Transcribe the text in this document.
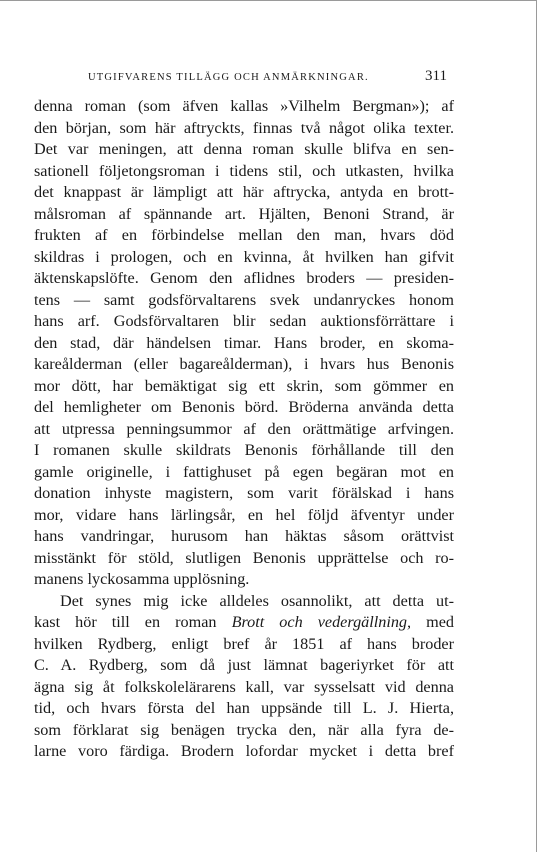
UTGIFVARENS TILLÄGG OCH ANMÄRKNINGAR.	311
denna roman (som äfven kallas »Vilhelm Bergman»); af
den början, som här aftryckts, finnas två något olika texter.
Det var meningen, att denna roman skulle blifva en sen-
sationell följetongsroman i tidens stil, och utkasten, hvilka
det knappast är lämpligt att här aftrycka, antyda en brott-
målsroman af spännande art. Hjälten, Benoni Strand, är
frukten af en förbindelse mellan den man, hvars död
skildras i prologen, och en kvinna, åt hvilken han gifvit
äktenskapslöfte. Genom den aflidnes broders — presiden-
tens — samt godsförvaltarens svek undanryckes honom
hans arf. Godsförvaltaren blir sedan auktionsförrättare i
den stad, där händelsen timar. Hans broder, en skoma-
kareålderman (eller bagareålderman), i hvars hus Benonis
mor dött, har bemäktigat sig ett skrin, som gömmer en
del hemligheter om Benonis börd. Bröderna använda detta
att utpressa penningsummor af den orättmätige arfvingen.
I romanen skulle skildrats Benonis förhållande till den
gamle originelle, i fattighuset på egen begäran mot en
donation inhyste magistern, som varit förälskad i hans
mor, vidare hans lärlingsår, en hel följd äfventyr under
hans vandringar, hurusom han häktas såsom orättvist
misstänkt för stöld, slutligen Benonis upprättelse och ro-
manens lyckosamma upplösning.
Det synes mig icke alldeles osannolikt, att detta ut-
kast hör till en roman Brott och vedergällning, med
hvilken Rydberg, enligt bref år 1851 af hans broder
C. A. Rydberg, som då just lämnat bageriyrket för att
ägna sig åt folkskolelärarens kall, var sysselsatt vid denna
tid, och hvars första del han uppsände till L. J. Hierta,
som förklarat sig benägen trycka den, när alla fyra de-
larne voro färdiga. Brodern lofordar mycket i detta bref
